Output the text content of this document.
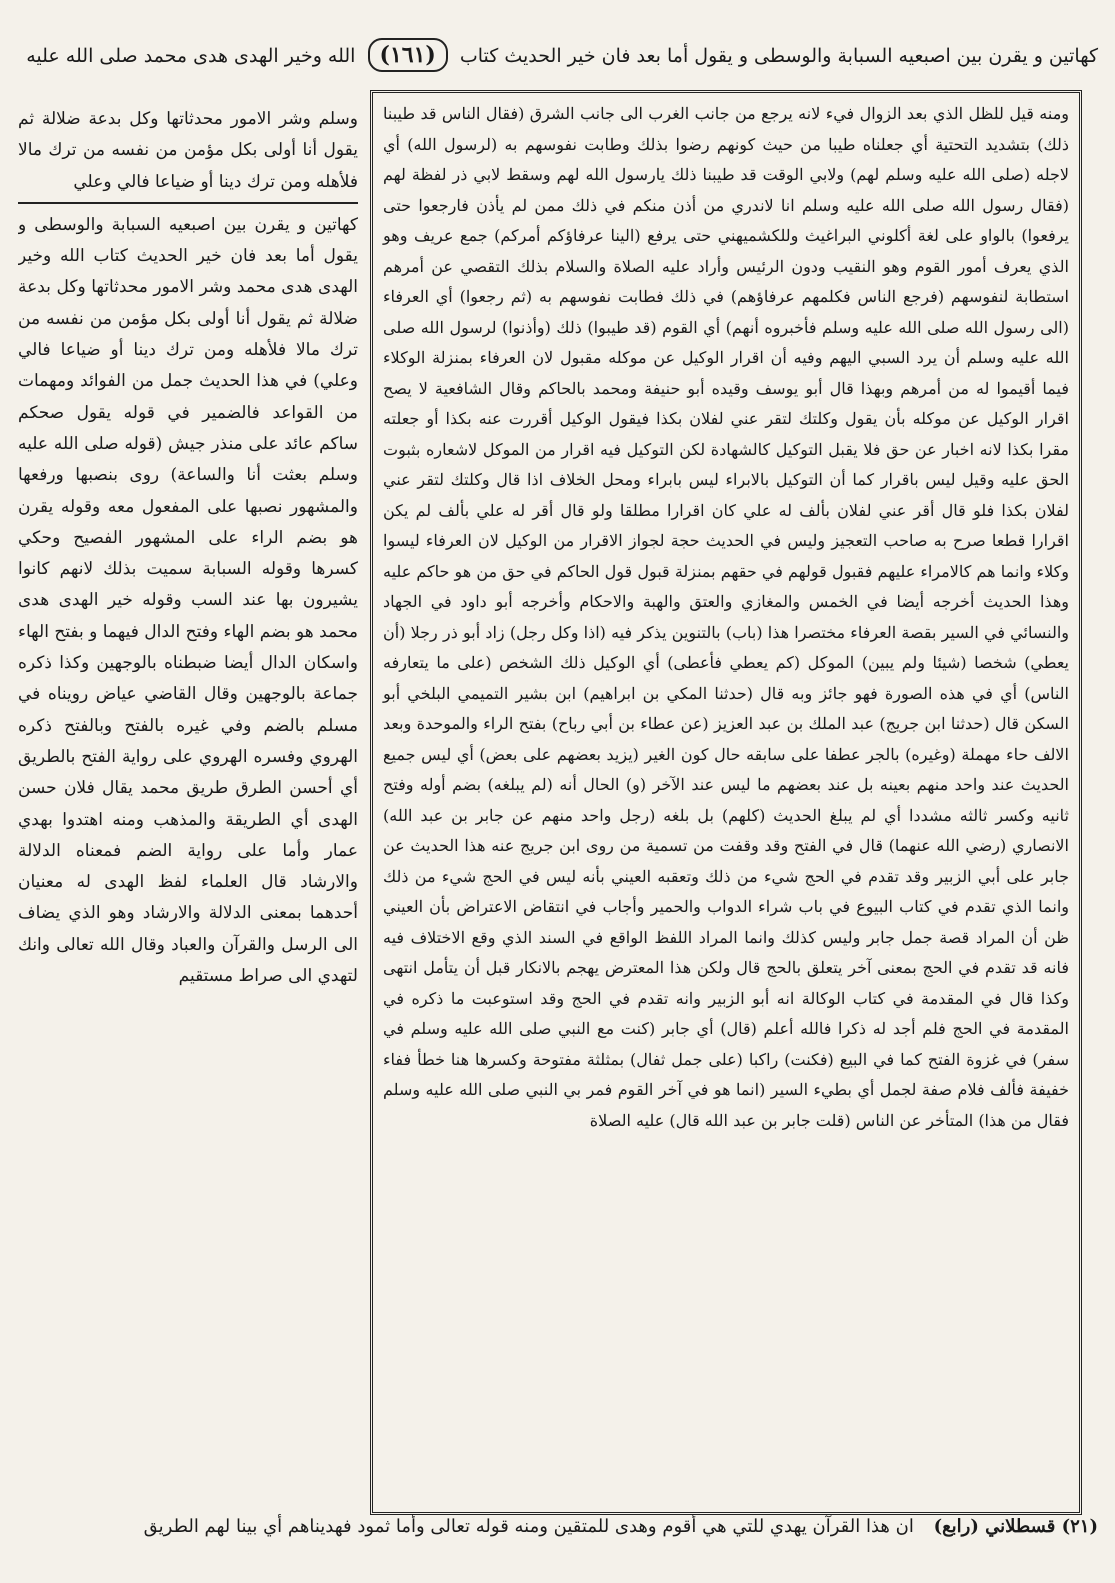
كهاتين و يقرن بين اصبعيه السبابة والوسطى و يقول أما بعد فان خير الحديث كتاب (١٦١) الله وخير الهدى هدى محمد صلى الله عليه

وسلم وشر الامور محدثاتها وكل بدعة ضلالة ثم يقول أنا أولى بكل مؤمن من نفسه من ترك مالا فلأهله ومن ترك دينا أو ضياعا فالي وعلي

كهاتين و يقرن بين اصبعيه السبابة والوسطى و يقول أما بعد فان خير الحديث كتاب الله وخير الهدى هدى محمد وشر الامور محدثاتها وكل بدعة ضلالة ثم يقول أنا أولى بكل مؤمن من نفسه من ترك مالا فلأهله ومن ترك دينا أو ضياعا فالي وعلي) في هذا الحديث جمل من الفوائد ومهمات من القواعد فالضمير في قوله يقول صحكم ساكم عائد على منذر جيش (قوله صلى الله عليه وسلم بعثت أنا والساعة) روى بنصبها ورفعها والمشهور نصبها على المفعول معه وقوله يقرن هو بضم الراء على المشهور الفصيح وحكي كسرها وقوله السبابة سميت بذلك لانهم كانوا يشيرون بها عند السب وقوله خير الهدى هدى محمد هو بضم الهاء وفتح الدال فيهما و بفتح الهاء واسكان الدال أيضا ضبطناه بالوجهين وكذا ذكره جماعة بالوجهين وقال القاضي عياض رويناه في مسلم بالضم وفي غيره بالفتح وبالفتح ذكره الهروي وفسره الهروي على رواية الفتح بالطريق أي أحسن الطرق طريق محمد يقال فلان حسن الهدى أي الطريقة والمذهب ومنه اهتدوا بهدي عمار وأما على رواية الضم فمعناه الدلالة والارشاد قال العلماء لفظ الهدى له معنيان أحدهما بمعنى الدلالة والارشاد وهو الذي يضاف الى الرسل والقرآن والعباد وقال الله تعالى وانك لتهدي الى صراط مستقيم

ومنه قيل للظل الذي بعد الزوال فيء لانه يرجع من جانب الغرب الى جانب الشرق (فقال الناس قد طيبنا ذلك) بتشديد التحتية أي جعلناه طيبا من حيث كونهم رضوا بذلك وطابت نفوسهم به (لرسول الله) أي لاجله (صلى الله عليه وسلم لهم) ولابي الوقت قد طيبنا ذلك يارسول الله لهم وسقط لابي ذر لفظة لهم (فقال رسول الله صلى الله عليه وسلم انا لاندري من أذن منكم في ذلك ممن لم يأذن فارجعوا حتى يرفعوا) بالواو على لغة أكلوني البراغيث وللكشميهني حتى يرفع (الينا عرفاؤكم أمركم) جمع عريف وهو الذي يعرف أمور القوم وهو النقيب ودون الرئيس وأراد عليه الصلاة والسلام بذلك التقصي عن أمرهم استطابة لنفوسهم (فرجع الناس فكلمهم عرفاؤهم) في ذلك فطابت نفوسهم به (ثم رجعوا) أي العرفاء (الى رسول الله صلى الله عليه وسلم فأخبروه أنهم) أي القوم (قد طيبوا) ذلك (وأذنوا) لرسول الله صلى الله عليه وسلم أن يرد السبي اليهم وفيه أن اقرار الوكيل عن موكله مقبول لان العرفاء بمنزلة الوكلاء فيما أقيموا له من أمرهم وبهذا قال أبو يوسف وقيده أبو حنيفة ومحمد بالحاكم وقال الشافعية لا يصح اقرار الوكيل عن موكله بأن يقول وكلتك لتقر عني لفلان بكذا فيقول الوكيل أقررت عنه بكذا أو جعلته مقرا بكذا لانه اخبار عن حق فلا يقبل التوكيل كالشهادة لكن التوكيل فيه اقرار من الموكل لاشعاره بثبوت الحق عليه وقيل ليس باقرار كما أن التوكيل بالابراء ليس بابراء ومحل الخلاف اذا قال وكلتك لتقر عني لفلان بكذا فلو قال أقر عني لفلان بألف له علي كان اقرارا مطلقا ولو قال أقر له علي بألف لم يكن اقرارا قطعا صرح به صاحب التعجيز وليس في الحديث حجة لجواز الاقرار من الوكيل لان العرفاء ليسوا وكلاء وانما هم كالامراء عليهم فقبول قولهم في حقهم بمنزلة قبول قول الحاكم في حق من هو حاكم عليه وهذا الحديث أخرجه أيضا في الخمس والمغازي والعتق والهبة والاحكام وأخرجه أبو داود في الجهاد والنسائي في السير بقصة العرفاء مختصرا هذا (باب) بالتنوين يذكر فيه (اذا وكل رجل) زاد أبو ذر رجلا (أن يعطي) شخصا (شيئا ولم يبين) الموكل (كم يعطي فأعطى) أي الوكيل ذلك الشخص (على ما يتعارفه الناس) أي في هذه الصورة فهو جائز وبه قال (حدثنا المكي بن ابراهيم) ابن بشير التميمي البلخي أبو السكن قال (حدثنا ابن جريج) عبد الملك بن عبد العزيز (عن عطاء بن أبي رباح) بفتح الراء والموحدة وبعد الالف حاء مهملة (وغيره) بالجر عطفا على سابقه حال كون الغير (يزيد بعضهم على بعض) أي ليس جميع الحديث عند واحد منهم بعينه بل عند بعضهم ما ليس عند الآخر (و) الحال أنه (لم يبلغه) بضم أوله وفتح ثانيه وكسر ثالثه مشددا أي لم يبلغ الحديث (كلهم) بل بلغه (رجل واحد منهم عن جابر بن عبد الله) الانصاري (رضي الله عنهما) قال في الفتح وقد وقفت من تسمية من روى ابن جريج عنه هذا الحديث عن جابر على أبي الزبير وقد تقدم في الحج شيء من ذلك وتعقبه العيني بأنه ليس في الحج شيء من ذلك وانما الذي تقدم في كتاب البيوع في باب شراء الدواب والحمير وأجاب في انتقاض الاعتراض بأن العيني ظن أن المراد قصة جمل جابر وليس كذلك وانما المراد اللفظ الواقع في السند الذي وقع الاختلاف فيه فانه قد تقدم في الحج بمعنى آخر يتعلق بالحج قال ولكن هذا المعترض يهجم بالانكار قبل أن يتأمل انتهى وكذا قال في المقدمة في كتاب الوكالة انه أبو الزبير وانه تقدم في الحج وقد استوعبت ما ذكره في المقدمة في الحج فلم أجد له ذكرا فالله أعلم (قال) أي جابر (كنت مع النبي صلى الله عليه وسلم في سفر) في غزوة الفتح كما في البيع (فكنت) راكبا (على جمل ثفال) بمثلثة مفتوحة وكسرها هنا خطأ ففاء خفيفة فألف فلام صفة لجمل أي بطيء السير (انما هو في آخر القوم فمر بي النبي صلى الله عليه وسلم فقال من هذا) المتأخر عن الناس (قلت جابر بن عبد الله قال) عليه الصلاة

(٢١) قسطلاني (رابع) ان هذا القرآن يهدي للتي هي أقوم وهدى للمتقين ومنه قوله تعالى وأما ثمود فهديناهم أي بينا لهم الطريق
